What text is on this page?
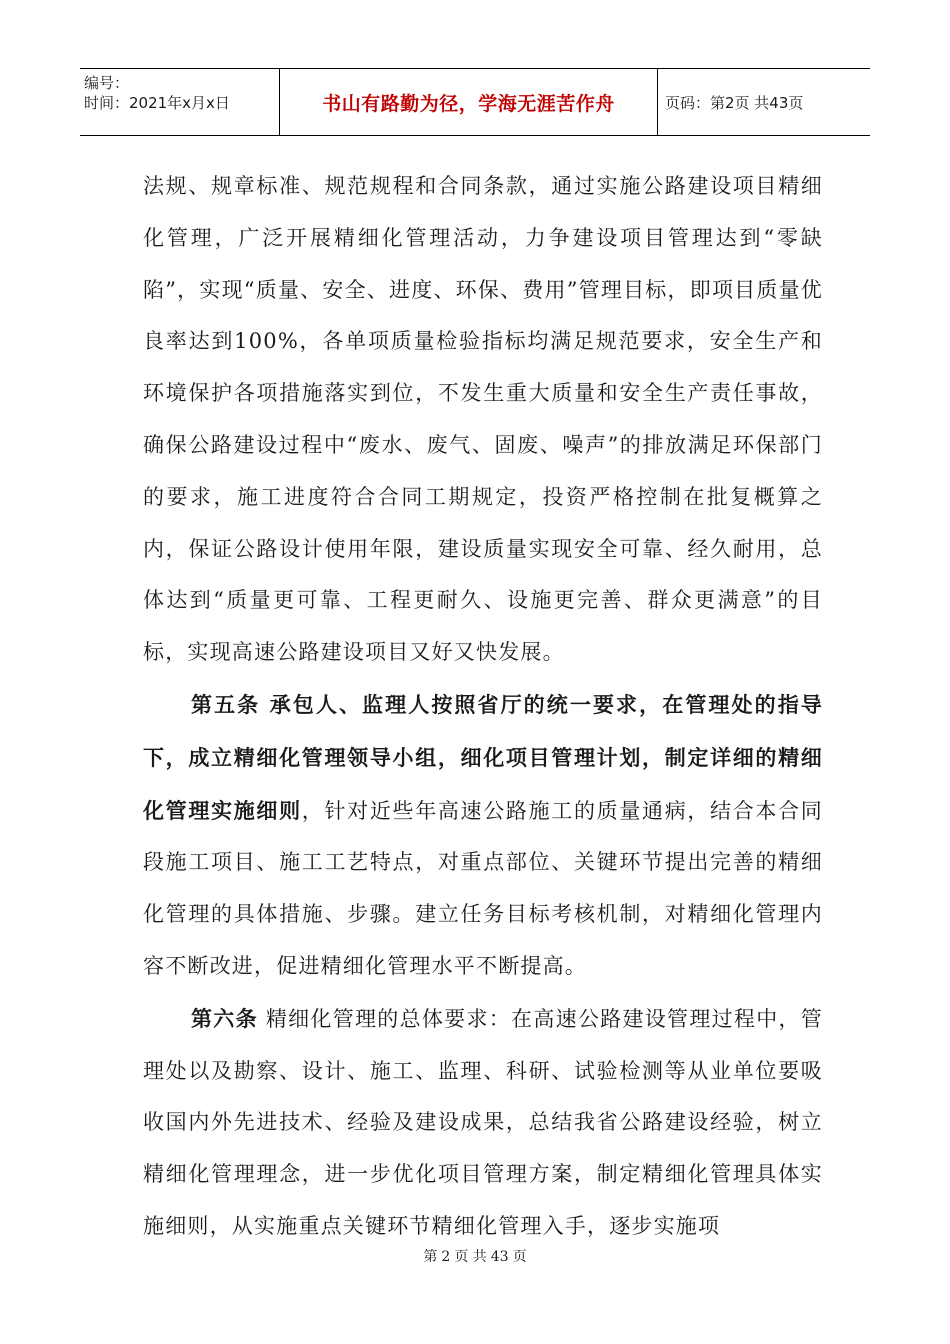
编号：
时间：2021年x月x日	书山有路勤为径，学海无涯苦作舟	页码：第2页 共43页

法规、规章标准、规范规程和合同条款，通过实施公路建设项目精细化管理，广泛开展精细化管理活动，力争建设项目管理达到“零缺陷”，实现“质量、安全、进度、环保、费用”管理目标，即项目质量优良率达到100%，各单项质量检验指标均满足规范要求，安全生产和环境保护各项措施落实到位，不发生重大质量和安全生产责任事故，确保公路建设过程中“废水、废气、固废、噪声”的排放满足环保部门的要求，施工进度符合合同工期规定，投资严格控制在批复概算之内，保证公路设计使用年限，建设质量实现安全可靠、经久耐用，总体达到“质量更可靠、工程更耐久、设施更完善、群众更满意”的目标，实现高速公路建设项目又好又快发展。

第五条 承包人、监理人按照省厅的统一要求，在管理处的指导下，成立精细化管理领导小组，细化项目管理计划，制定详细的精细化管理实施细则，针对近些年高速公路施工的质量通病，结合本合同段施工项目、施工工艺特点，对重点部位、关键环节提出完善的精细化管理的具体措施、步骤。建立任务目标考核机制，对精细化管理内容不断改进，促进精细化管理水平不断提高。

第六条 精细化管理的总体要求：在高速公路建设管理过程中，管理处以及勘察、设计、施工、监理、科研、试验检测等从业单位要吸收国内外先进技术、经验及建设成果，总结我省公路建设经验，树立精细化管理理念，进一步优化项目管理方案，制定精细化管理具体实施细则，从实施重点关键环节精细化管理入手，逐步实施项

第 2 页 共 43 页
